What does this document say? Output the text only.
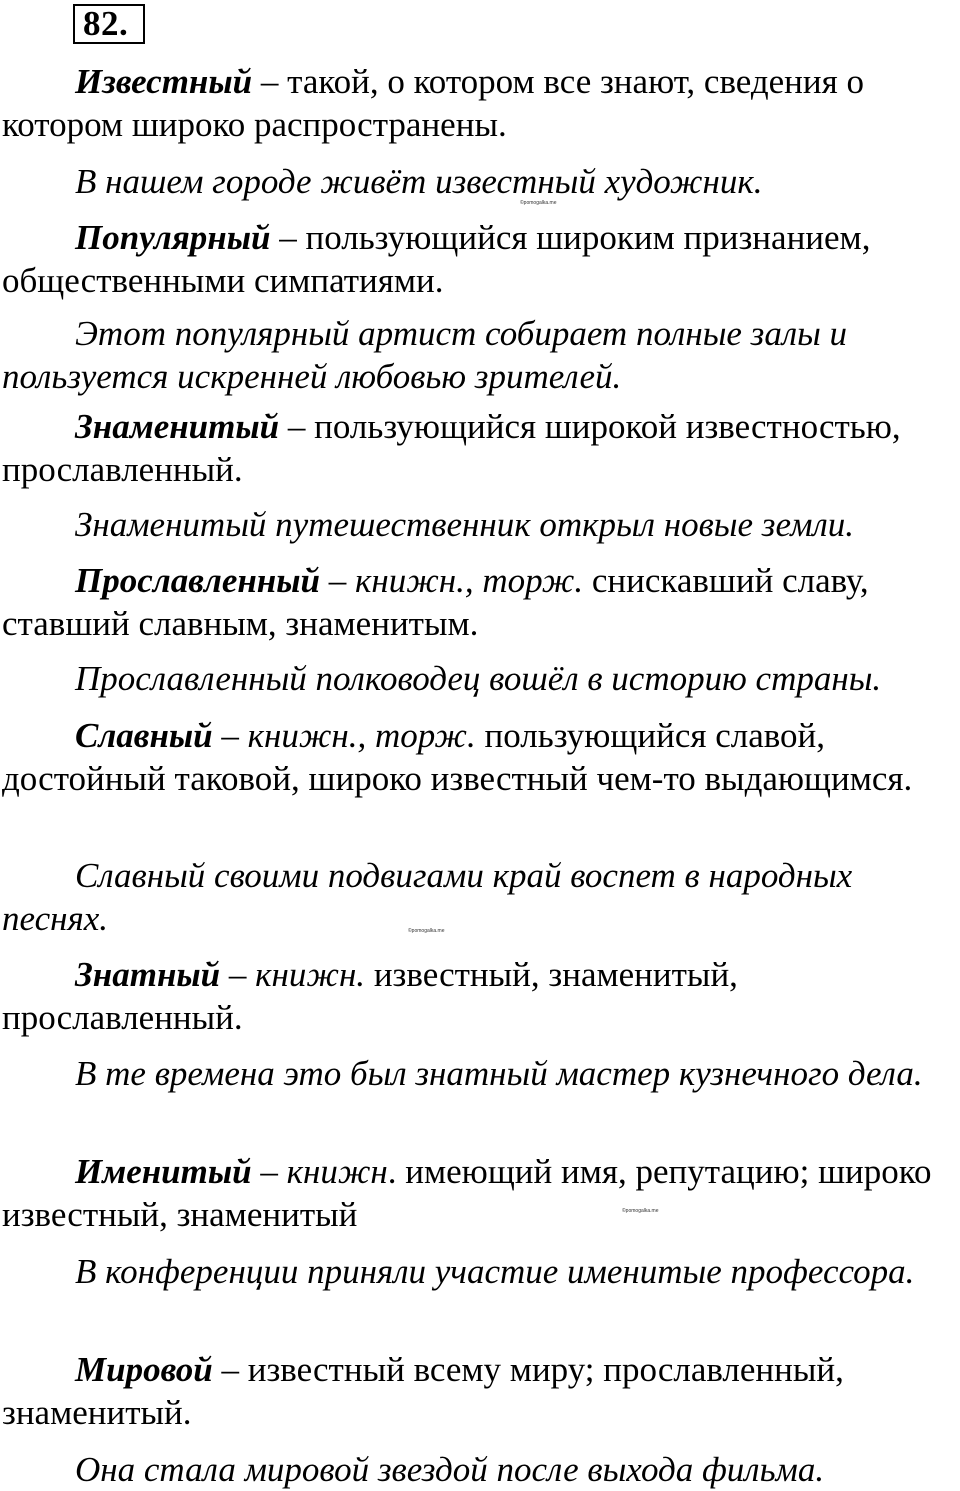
82.

Известный – такой, о котором все знают, сведения о котором широко распространены.

В нашем городе живёт известный художник.

Популярный – пользующийся широким признанием, общественными симпатиями.

Этот популярный артист собирает полные залы и пользуется искренней любовью зрителей.

Знаменитый – пользующийся широкой известностью, прославленный.

Знаменитый путешественник открыл новые земли.

Прославленный – книжн., торж. снискавший славу, ставший славным, знаменитым.

Прославленный полководец вошёл в историю страны.

Славный – книжн., торж. пользующийся славой, достойный таковой, широко известный чем-то выдающимся.

Славный своими подвигами край воспет в народных песнях.

Знатный – книжн. известный, знаменитый, прославленный.

В те времена это был знатный мастер кузнечного дела.

Именитый – книжн. имеющий имя, репутацию; широко известный, знаменитый

В конференции приняли участие именитые профессора.

Мировой – известный всему миру; прославленный, знаменитый.

Она стала мировой звездой после выхода фильма.

©pomogalka.me
©pomogalka.me
©pomogalka.me
